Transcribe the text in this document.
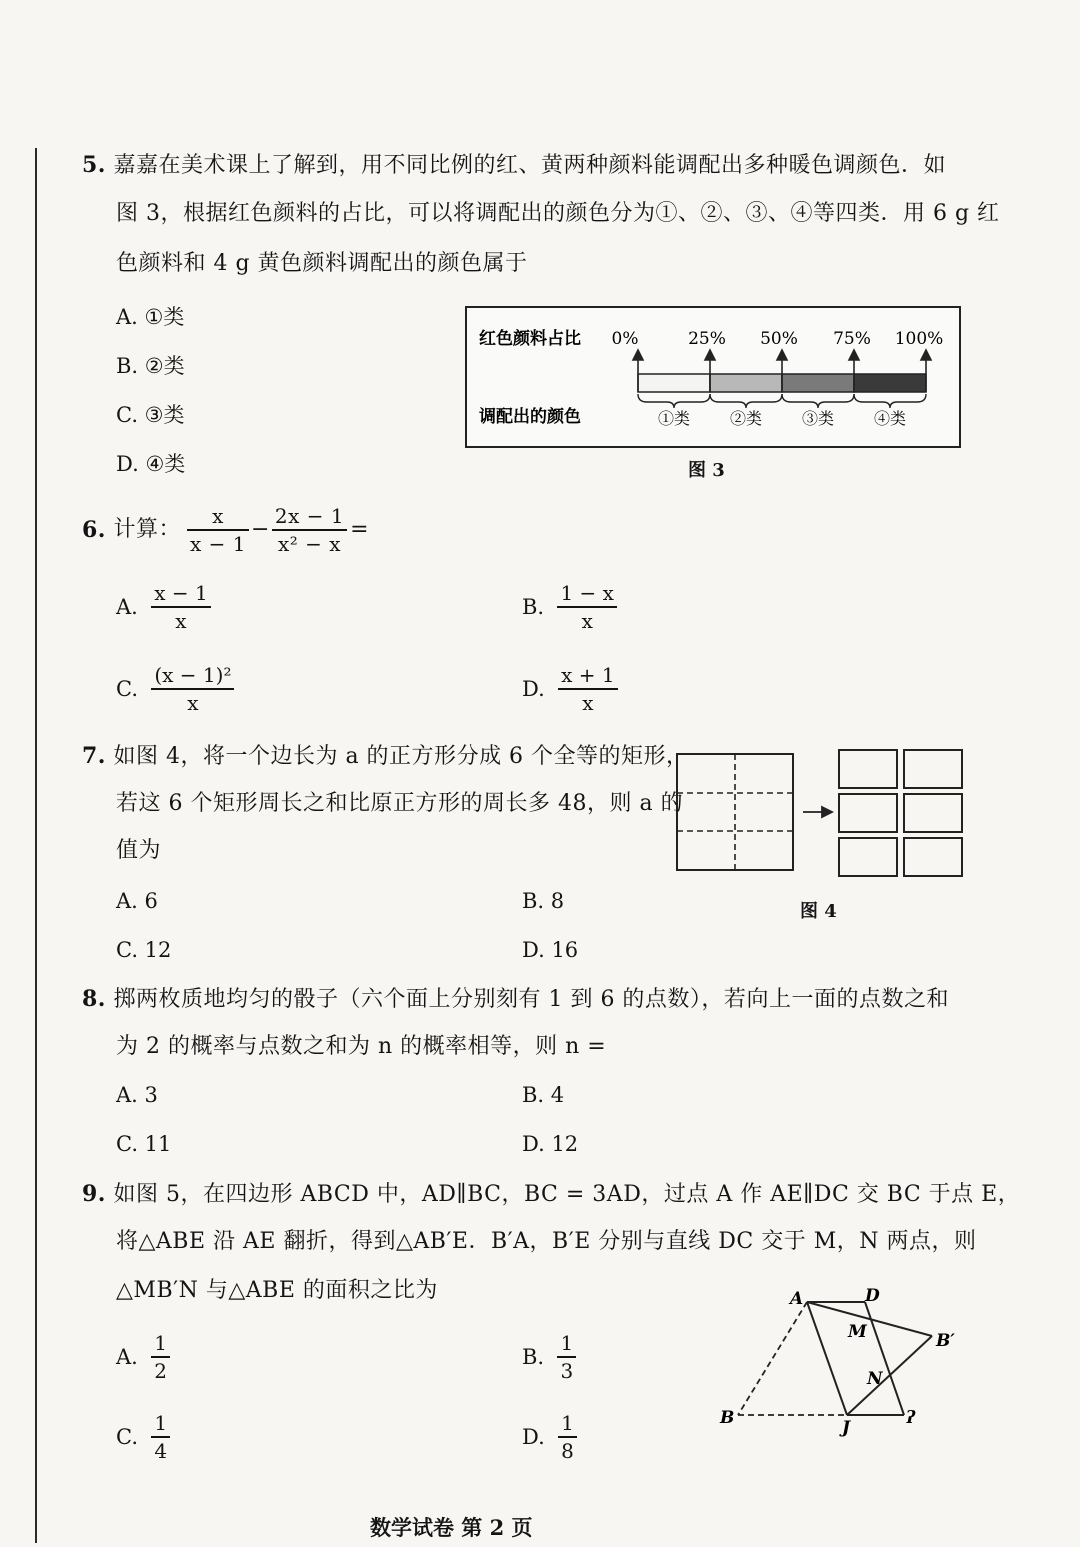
5. 嘉嘉在美术课上了解到，用不同比例的红、黄两种颜料能调配出多种暖色调颜色．如
图 3，根据红色颜料的占比，可以将调配出的颜色分为①、②、③、④等四类．用 6 g 红
色颜料和 4 g 黄色颜料调配出的颜色属于
A. ①类
B. ②类
C. ③类
D. ④类
红色颜料占比
调配出的颜色
0%	25% 50% 75% 100%
①类 ②类 ③类 ④类
图 3
6.
计算： $\frac{x}{x - 1} - \frac{2x - 1}{\text{x² − x}}$ =
A.
$\frac{x - 1}{x}$	B.
$\frac{1 - x}{x}$
C.
$\frac{\text{(x − 1)²}}{x}$	D.
$\frac{x + 1}{x}$
7. 如图 4，将一个边长为 a 的正方形分成 6 个全等的矩形，
若这 6 个矩形周长之和比原正方形的周长多 48，则 a 的
值为
A. 6	B. 8
C. 12	D. 16
图 4
8. 掷两枚质地均匀的骰子（六个面上分别刻有 1 到 6 的点数），若向上一面的点数之和
为 2 的概率与点数之和为 n 的概率相等，则 n =
A. 3	B. 4
C. 11	D. 12
9. 如图 5，在四边形 ABCD 中，AD∥BC，BC = 3AD，过点 A 作 AE∥DC 交 BC 于点 E，
将△ABE 沿 AE 翻折，得到△AB′E．B′A，B′E 分别与直线 DC 交于 M，N 两点，则
△MB′N 与△ABE 的面积之比为
A.
$\frac{1}{2}$	B.
$\frac{1}{3}$
C.
$\frac{1}{4}$	D.
$\frac{1}{8}$
A	D
M	B′
N
B	J	ʔ
数学试卷 第 2 页
